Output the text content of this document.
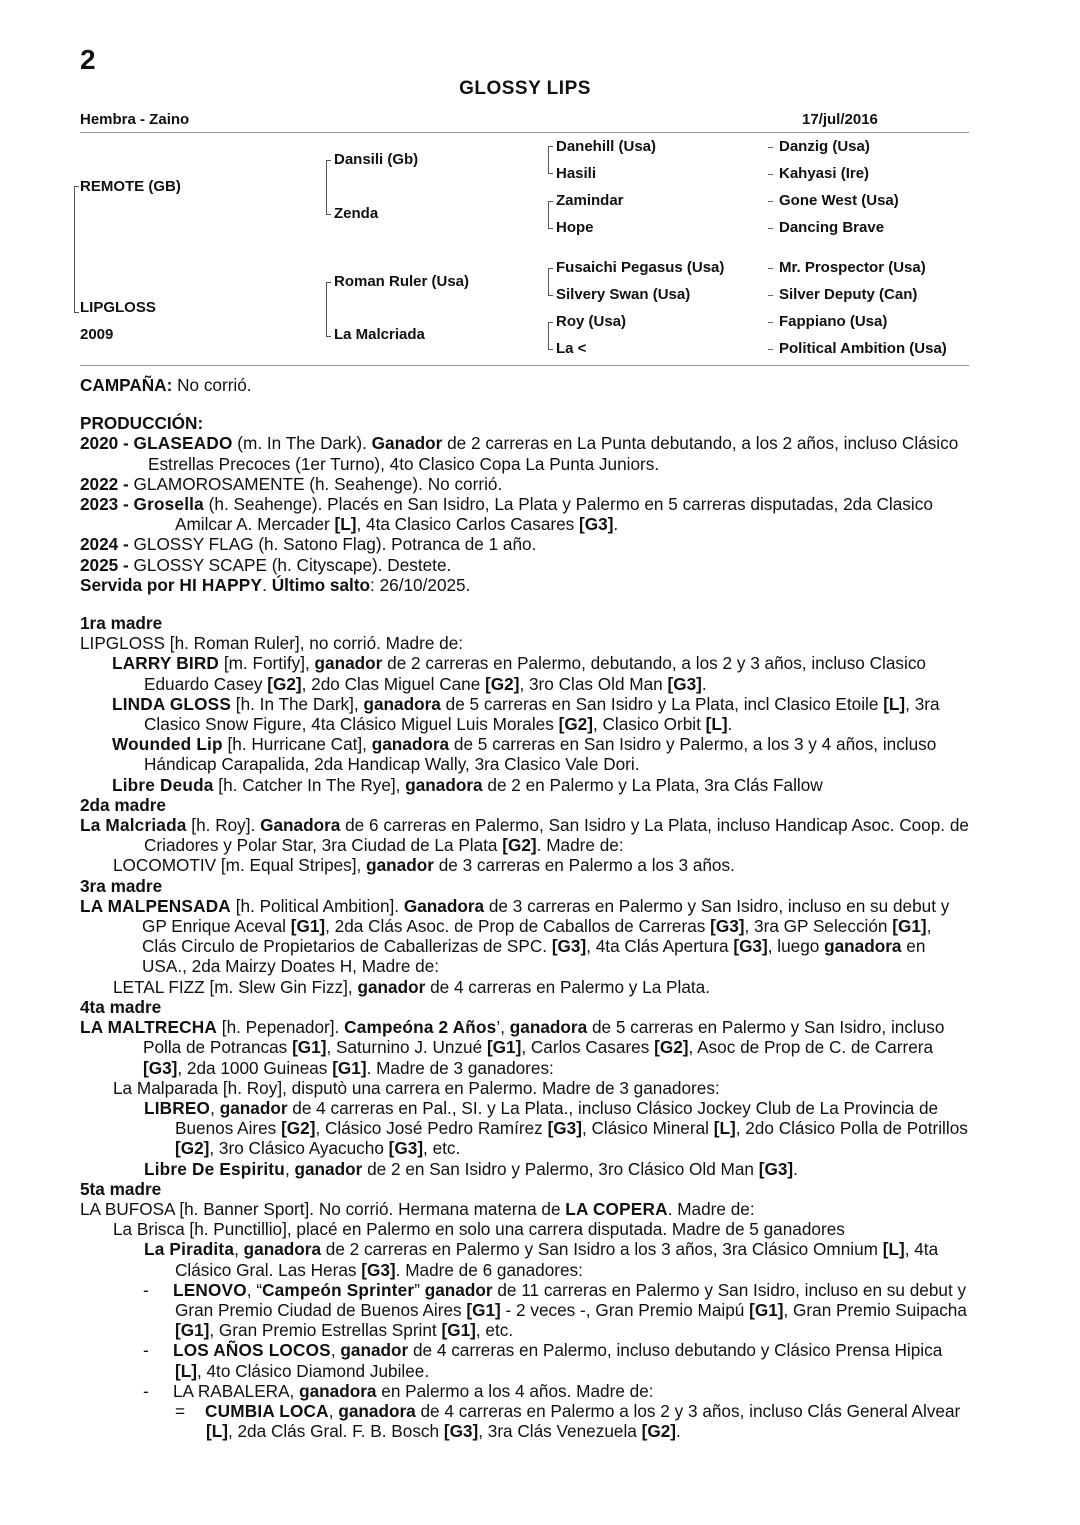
2
GLOSSY LIPS
Hembra - Zaino	17/jul/2016
REMOTE (GB)
LIPGLOSS
2009
Dansili (Gb)
Zenda
Roman Ruler (Usa)
La Malcriada
Danehill (Usa)
Hasili
Zamindar
Hope
Fusaichi Pegasus (Usa)
Silvery Swan (Usa)
Roy (Usa)
La <
Danzig (Usa)
Kahyasi (Ire)
Gone West (Usa)
Dancing Brave
Mr. Prospector (Usa)
Silver Deputy (Can)
Fappiano (Usa)
Political Ambition (Usa)

CAMPAÑA: No corrió.

PRODUCCIÓN:

2020 - GLASEADO (m. In The Dark). Ganador de 2 carreras en La Punta debutando, a los 2 años, incluso Clásico Estrellas Precoces (1er Turno), 4to Clasico Copa La Punta Juniors.

2022 - GLAMOROSAMENTE (h. Seahenge). No corrió.

2023 - Grosella (h. Seahenge). Placés en San Isidro, La Plata y Palermo en 5 carreras disputadas, 2da Clasico Amilcar A. Mercader [L], 4ta Clasico Carlos Casares [G3].

2024 - GLOSSY FLAG (h. Satono Flag). Potranca de 1 año.

2025 - GLOSSY SCAPE (h. Cityscape). Destete.

Servida por HI HAPPY. Último salto: 26/10/2025.

1ra madre

LIPGLOSS [h. Roman Ruler], no corrió. Madre de:

LARRY BIRD [m. Fortify], ganador de 2 carreras en Palermo, debutando, a los 2 y 3 años, incluso Clasico Eduardo Casey [G2], 2do Clas Miguel Cane [G2], 3ro Clas Old Man [G3].

LINDA GLOSS [h. In The Dark], ganadora de 5 carreras en San Isidro y La Plata, incl Clasico Etoile [L], 3ra Clasico Snow Figure, 4ta Clásico Miguel Luis Morales [G2], Clasico Orbit [L].

Wounded Lip [h. Hurricane Cat], ganadora de 5 carreras en San Isidro y Palermo, a los 3 y 4 años, incluso Hándicap Carapalida, 2da Handicap Wally, 3ra Clasico Vale Dori.

Libre Deuda [h. Catcher In The Rye], ganadora de 2 en Palermo y La Plata, 3ra Clás Fallow

2da madre

La Malcriada [h. Roy]. Ganadora de 6 carreras en Palermo, San Isidro y La Plata, incluso Handicap Asoc. Coop. de Criadores y Polar Star, 3ra Ciudad de La Plata [G2]. Madre de:

LOCOMOTIV [m. Equal Stripes], ganador de 3 carreras en Palermo a los 3 años.

3ra madre

LA MALPENSADA [h. Political Ambition]. Ganadora de 3 carreras en Palermo y San Isidro, incluso en su debut y GP Enrique Aceval [G1], 2da Clás Asoc. de Prop de Caballos de Carreras [G3], 3ra GP Selección [G1], Clás Circulo de Propietarios de Caballerizas de SPC. [G3], 4ta Clás Apertura [G3], luego ganadora en USA., 2da Mairzy Doates H, Madre de:

LETAL FIZZ [m. Slew Gin Fizz], ganador de 4 carreras en Palermo y La Plata.

4ta madre

LA MALTRECHA [h. Pepenador]. Campeóna 2 Años’, ganadora de 5 carreras en Palermo y San Isidro, incluso Polla de Potrancas [G1], Saturnino J. Unzué [G1], Carlos Casares [G2], Asoc de Prop de C. de Carrera [G3], 2da 1000 Guineas [G1]. Madre de 3 ganadores:

La Malparada [h. Roy], disputò una carrera en Palermo. Madre de 3 ganadores:

LIBREO, ganador de 4 carreras en Pal., SI. y La Plata., incluso Clásico Jockey Club de La Provincia de Buenos Aires [G2], Clásico José Pedro Ramírez [G3], Clásico Mineral [L], 2do Clásico Polla de Potrillos [G2], 3ro Clásico Ayacucho [G3], etc.

Libre De Espiritu, ganador de 2 en San Isidro y Palermo, 3ro Clásico Old Man [G3].

5ta madre

LA BUFOSA [h. Banner Sport]. No corrió. Hermana materna de LA COPERA. Madre de:

La Brisca [h. Punctillio], placé en Palermo en solo una carrera disputada. Madre de 5 ganadores

La Piradita, ganadora de 2 carreras en Palermo y San Isidro a los 3 años, 3ra Clásico Omnium [L], 4ta Clásico Gral. Las Heras [G3]. Madre de 6 ganadores:

- LENOVO, “Campeón Sprinter” ganador de 11 carreras en Palermo y San Isidro, incluso en su debut y Gran Premio Ciudad de Buenos Aires [G1] - 2 veces -, Gran Premio Maipú [G1], Gran Premio Suipacha [G1], Gran Premio Estrellas Sprint [G1], etc.

- LOS AÑOS LOCOS, ganador de 4 carreras en Palermo, incluso debutando y Clásico Prensa Hipica [L], 4to Clásico Diamond Jubilee.

- LA RABALERA, ganadora en Palermo a los 4 años. Madre de:

= CUMBIA LOCA, ganadora de 4 carreras en Palermo a los 2 y 3 años, incluso Clás General Alvear [L], 2da Clás Gral. F. B. Bosch [G3], 3ra Clás Venezuela [G2].
